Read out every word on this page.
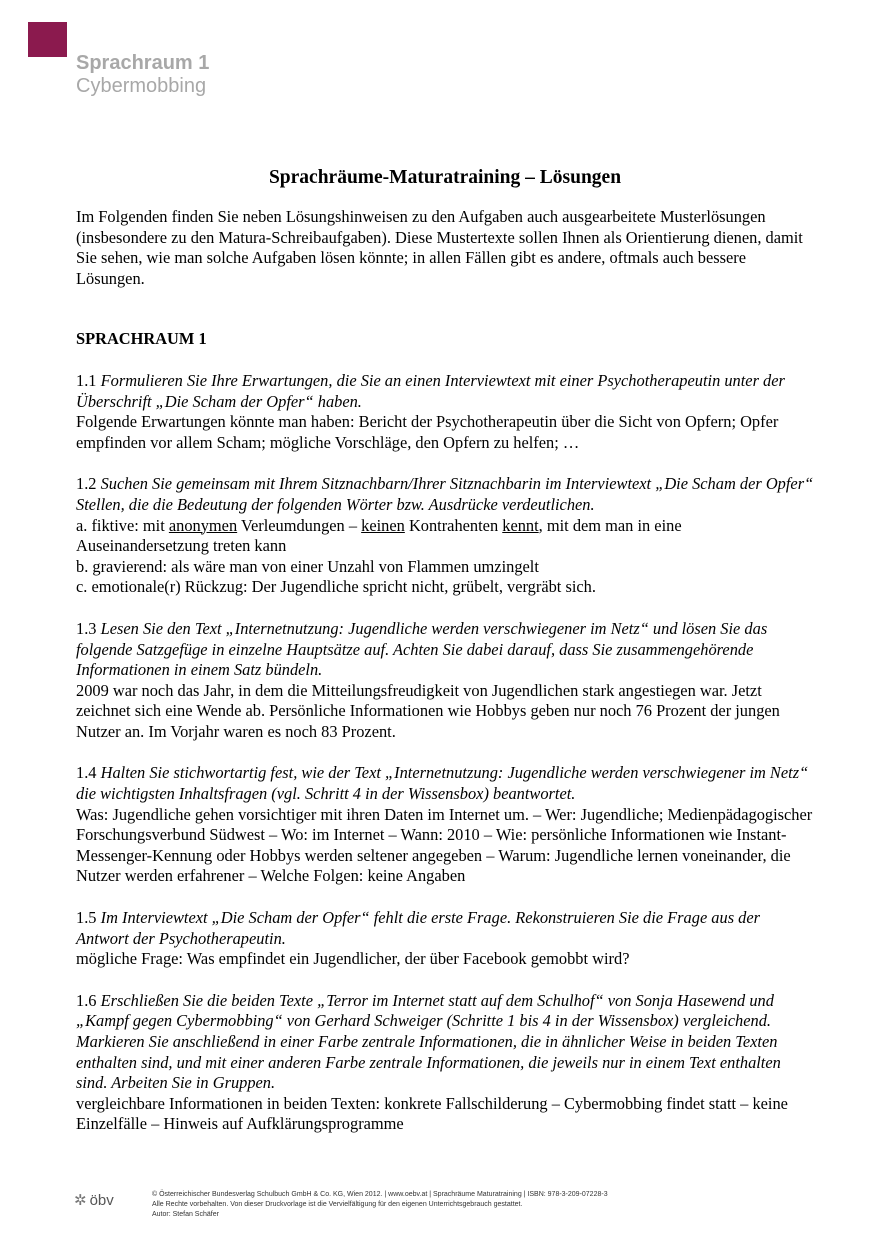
Sprachraum 1
Cybermobbing
Sprachräume-Maturatraining – Lösungen

Im Folgenden finden Sie neben Lösungshinweisen zu den Aufgaben auch ausgearbeitete Musterlösungen (insbesondere zu den Matura-Schreibaufgaben). Diese Mustertexte sollen Ihnen als Orientierung dienen, damit Sie sehen, wie man solche Aufgaben lösen könnte; in allen Fällen gibt es andere, oftmals auch bessere Lösungen.

SPRACHRAUM 1

1.1 Formulieren Sie Ihre Erwartungen, die Sie an einen Interviewtext mit einer Psychotherapeutin unter der Überschrift „Die Scham der Opfer“ haben.

Folgende Erwartungen könnte man haben: Bericht der Psychotherapeutin über die Sicht von Opfern; Opfer empfinden vor allem Scham; mögliche Vorschläge, den Opfern zu helfen; …

1.2 Suchen Sie gemeinsam mit Ihrem Sitznachbarn/Ihrer Sitznachbarin im Interviewtext „Die Scham der Opfer“ Stellen, die die Bedeutung der folgenden Wörter bzw. Ausdrücke verdeutlichen.

a. fiktive: mit anonymen Verleumdungen – keinen Kontrahenten kennt, mit dem man in eine Auseinandersetzung treten kann

b. gravierend: als wäre man von einer Unzahl von Flammen umzingelt

c. emotionale(r) Rückzug: Der Jugendliche spricht nicht, grübelt, vergräbt sich.

1.3 Lesen Sie den Text „Internetnutzung: Jugendliche werden verschwiegener im Netz“ und lösen Sie das folgende Satzgefüge in einzelne Hauptsätze auf. Achten Sie dabei darauf, dass Sie zusammengehörende Informationen in einem Satz bündeln.

2009 war noch das Jahr, in dem die Mitteilungsfreudigkeit von Jugendlichen stark angestiegen war. Jetzt zeichnet sich eine Wende ab. Persönliche Informationen wie Hobbys geben nur noch 76 Prozent der jungen Nutzer an. Im Vorjahr waren es noch 83 Prozent.

1.4 Halten Sie stichwortartig fest, wie der Text „Internetnutzung: Jugendliche werden verschwiegener im Netz“ die wichtigsten Inhaltsfragen (vgl. Schritt 4 in der Wissensbox) beantwortet.

Was: Jugendliche gehen vorsichtiger mit ihren Daten im Internet um. – Wer: Jugendliche; Medienpädagogischer Forschungsverbund Südwest – Wo: im Internet – Wann: 2010 – Wie: persönliche Informationen wie Instant-Messenger-Kennung oder Hobbys werden seltener angegeben – Warum: Jugendliche lernen voneinander, die Nutzer werden erfahrener – Welche Folgen: keine Angaben

1.5 Im Interviewtext „Die Scham der Opfer“ fehlt die erste Frage. Rekonstruieren Sie die Frage aus der Antwort der Psychotherapeutin.

mögliche Frage: Was empfindet ein Jugendlicher, der über Facebook gemobbt wird?

1.6 Erschließen Sie die beiden Texte „Terror im Internet statt auf dem Schulhof“ von Sonja Hasewend und „Kampf gegen Cybermobbing“ von Gerhard Schweiger (Schritte 1 bis 4 in der Wissensbox) vergleichend. Markieren Sie anschließend in einer Farbe zentrale Informationen, die in ähnlicher Weise in beiden Texten enthalten sind, und mit einer anderen Farbe zentrale Informationen, die jeweils nur in einem Text enthalten sind. Arbeiten Sie in Gruppen.

vergleichbare Informationen in beiden Texten: konkrete Fallschilderung – Cybermobbing findet statt – keine Einzelfälle – Hinweis auf Aufklärungsprogramme

✲ öbv	© Österreichischer Bundesverlag Schulbuch GmbH & Co. KG, Wien 2012. | www.oebv.at | Sprachräume Maturatraining | ISBN: 978-3-209-07228-3
Alle Rechte vorbehalten. Von dieser Druckvorlage ist die Vervielfältigung für den eigenen Unterrichtsgebrauch gestattet.
Autor: Stefan Schäfer
